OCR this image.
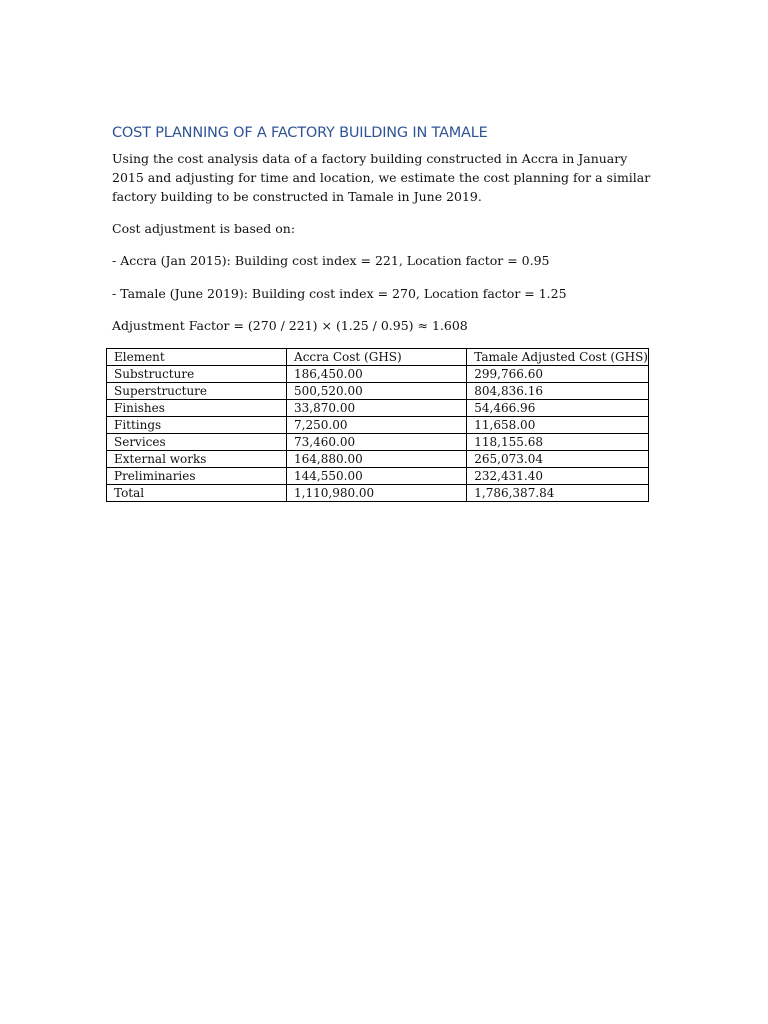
COST PLANNING OF A FACTORY BUILDING IN TAMALE

Using the cost analysis data of a factory building constructed in Accra in January 2015 and adjusting for time and location, we estimate the cost planning for a similar factory building to be constructed in Tamale in June 2019.

Cost adjustment is based on:

- Accra (Jan 2015): Building cost index = 221, Location factor = 0.95

- Tamale (June 2019): Building cost index = 270, Location factor = 1.25

Adjustment Factor = (270 / 221) × (1.25 / 0.95) ≈ 1.608

Element	Accra Cost (GHS)	Tamale Adjusted Cost (GHS)
Substructure	186,450.00	299,766.60
Superstructure	500,520.00	804,836.16
Finishes	33,870.00	54,466.96
Fittings	7,250.00	11,658.00
Services	73,460.00	118,155.68
External works	164,880.00	265,073.04
Preliminaries	144,550.00	232,431.40
Total	1,110,980.00	1,786,387.84
